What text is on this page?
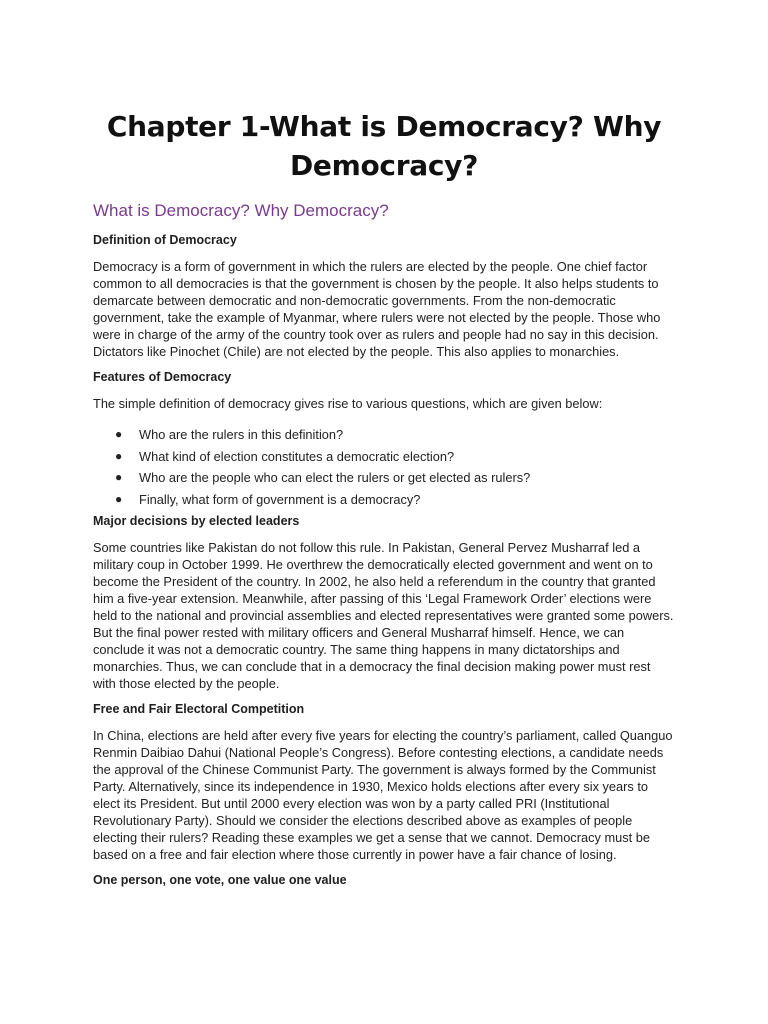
Chapter 1-What is Democracy? Why Democracy?
What is Democracy? Why Democracy?
Definition of Democracy

Democracy is a form of government in which the rulers are elected by the people. One chief factor common to all democracies is that the government is chosen by the people. It also helps students to demarcate between democratic and non-democratic governments. From the non-democratic government, take the example of Myanmar, where rulers were not elected by the people. Those who were in charge of the army of the country took over as rulers and people had no say in this decision. Dictators like Pinochet (Chile) are not elected by the people. This also applies to monarchies.

Features of Democracy

The simple definition of democracy gives rise to various questions, which are given below:

● Who are the rulers in this definition?
● What kind of election constitutes a democratic election?
● Who are the people who can elect the rulers or get elected as rulers?
● Finally, what form of government is a democracy?
Major decisions by elected leaders

Some countries like Pakistan do not follow this rule. In Pakistan, General Pervez Musharraf led a military coup in October 1999. He overthrew the democratically elected government and went on to become the President of the country. In 2002, he also held a referendum in the country that granted him a five-year extension. Meanwhile, after passing of this ‘Legal Framework Order’ elections were held to the national and provincial assemblies and elected representatives were granted some powers. But the final power rested with military officers and General Musharraf himself. Hence, we can conclude it was not a democratic country. The same thing happens in many dictatorships and monarchies. Thus, we can conclude that in a democracy the final decision making power must rest with those elected by the people.

Free and Fair Electoral Competition

In China, elections are held after every five years for electing the country’s parliament, called Quanguo Renmin Daibiao Dahui (National People’s Congress). Before contesting elections, a candidate needs the approval of the Chinese Communist Party. The government is always formed by the Communist Party. Alternatively, since its independence in 1930, Mexico holds elections after every six years to elect its President. But until 2000 every election was won by a party called PRI (Institutional Revolutionary Party). Should we consider the elections described above as examples of people electing their rulers? Reading these examples we get a sense that we cannot. Democracy must be based on a free and fair election where those currently in power have a fair chance of losing.

One person, one vote, one value one value
